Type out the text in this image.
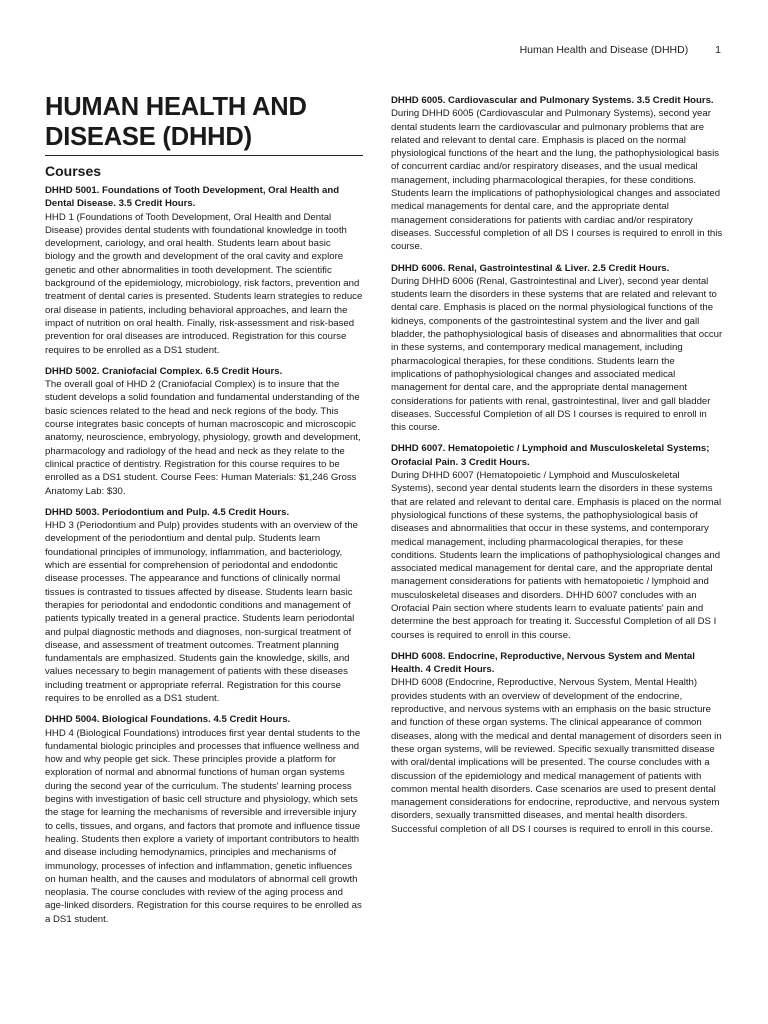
Human Health and Disease (DHHD)	1
HUMAN HEALTH AND DISEASE (DHHD)
Courses
DHHD 5001. Foundations of Tooth Development, Oral Health and Dental Disease. 3.5 Credit Hours.
HHD 1 (Foundations of Tooth Development, Oral Health and Dental Disease) provides dental students with foundational knowledge in tooth development, cariology, and oral health. Students learn about basic biology and the growth and development of the oral cavity and explore genetic and other abnormalities in tooth development. The scientific background of the epidemiology, microbiology, risk factors, prevention and treatment of dental caries is presented. Students learn strategies to reduce oral disease in patients, including behavioral approaches, and learn the impact of nutrition on oral health. Finally, risk-assessment and risk-based prevention for oral diseases are introduced. Registration for this course requires to be enrolled as a DS1 student.
DHHD 5002. Craniofacial Complex. 6.5 Credit Hours.
The overall goal of HHD 2 (Craniofacial Complex) is to insure that the student develops a solid foundation and fundamental understanding of the basic sciences related to the head and neck regions of the body. This course integrates basic concepts of human macroscopic and microscopic anatomy, neuroscience, embryology, physiology, growth and development, pharmacology and radiology of the head and neck as they relate to the clinical practice of dentistry. Registration for this course requires to be enrolled as a DS1 student. Course Fees: Human Materials: $1,246 Gross Anatomy Lab: $30.
DHHD 5003. Periodontium and Pulp. 4.5 Credit Hours.
HHD 3 (Periodontium and Pulp) provides students with an overview of the development of the periodontium and dental pulp. Students learn foundational principles of immunology, inflammation, and bacteriology, which are essential for comprehension of periodontal and endodontic disease processes. The appearance and functions of clinically normal tissues is contrasted to tissues affected by disease. Students learn basic therapies for periodontal and endodontic conditions and management of patients typically treated in a general practice. Students learn periodontal and pulpal diagnostic methods and diagnoses, non-surgical treatment of disease, and assessment of treatment outcomes. Treatment planning fundamentals are emphasized. Students gain the knowledge, skills, and values necessary to begin management of patients with these diseases including treatment or appropriate referral. Registration for this course requires to be enrolled as a DS1 student.
DHHD 5004. Biological Foundations. 4.5 Credit Hours.
HHD 4 (Biological Foundations) introduces first year dental students to the fundamental biologic principles and processes that influence wellness and how and why people get sick. These principles provide a platform for exploration of normal and abnormal functions of human organ systems during the second year of the curriculum. The students' learning process begins with investigation of basic cell structure and physiology, which sets the stage for learning the mechanisms of reversible and irreversible injury to cells, tissues, and organs, and factors that promote and influence tissue healing. Students then explore a variety of important contributors to health and disease including hemodynamics, principles and mechanisms of immunology, processes of infection and inflammation, genetic influences on human health, and the causes and modulators of abnormal cell growth neoplasia. The course concludes with review of the aging process and age-linked disorders. Registration for this course requires to be enrolled as a DS1 student.
DHHD 6005. Cardiovascular and Pulmonary Systems. 3.5 Credit Hours.
During DHHD 6005 (Cardiovascular and Pulmonary Systems), second year dental students learn the cardiovascular and pulmonary problems that are related and relevant to dental care. Emphasis is placed on the normal physiological functions of the heart and the lung, the pathophysiological basis of concurrent cardiac and/or respiratory diseases, and the usual medical management, including pharmacological therapies, for these conditions. Students learn the implications of pathophysiological changes and associated medical managements for dental care, and the appropriate dental management considerations for patients with cardiac and/or respiratory diseases. Successful completion of all DS I courses is required to enroll in this course.
DHHD 6006. Renal, Gastrointestinal & Liver. 2.5 Credit Hours.
During DHHD 6006 (Renal, Gastrointestinal and Liver), second year dental students learn the disorders in these systems that are related and relevant to dental care. Emphasis is placed on the normal physiological functions of the kidneys, components of the gastrointestinal system and the liver and gall bladder, the pathophysiological basis of diseases and abnormalities that occur in these systems, and contemporary medical management, including pharmacological therapies, for these conditions. Students learn the implications of pathophysiological changes and associated medical management for dental care, and the appropriate dental management considerations for patients with renal, gastrointestinal, liver and gall bladder diseases. Successful Completion of all DS I courses is required to enroll in this course.
DHHD 6007. Hematopoietic / Lymphoid and Musculoskeletal Systems; Orofacial Pain. 3 Credit Hours.
During DHHD 6007 (Hematopoietic / Lymphoid and Musculoskeletal Systems), second year dental students learn the disorders in these systems that are related and relevant to dental care. Emphasis is placed on the normal physiological functions of these systems, the pathophysiological basis of diseases and abnormalities that occur in these systems, and contemporary medical management, including pharmacological therapies, for these conditions. Students learn the implications of pathophysiological changes and associated medical management for dental care, and the appropriate dental management considerations for patients with hematopoietic / lymphoid and musculoskeletal diseases and disorders. DHHD 6007 concludes with an Orofacial Pain section where students learn to evaluate patients' pain and determine the best approach for treating it. Successful Completion of all DS I courses is required to enroll in this course.
DHHD 6008. Endocrine, Reproductive, Nervous System and Mental Health. 4 Credit Hours.
DHHD 6008 (Endocrine, Reproductive, Nervous System, Mental Health) provides students with an overview of development of the endocrine, reproductive, and nervous systems with an emphasis on the basic structure and function of these organ systems. The clinical appearance of common diseases, along with the medical and dental management of disorders seen in these organ systems, will be reviewed. Specific sexually transmitted disease with oral/dental implications will be presented. The course concludes with a discussion of the epidemiology and medical management of patients with common mental health disorders. Case scenarios are used to present dental management considerations for endocrine, reproductive, and nervous system disorders, sexually transmitted diseases, and mental health disorders. Successful completion of all DS I courses is required to enroll in this course.
